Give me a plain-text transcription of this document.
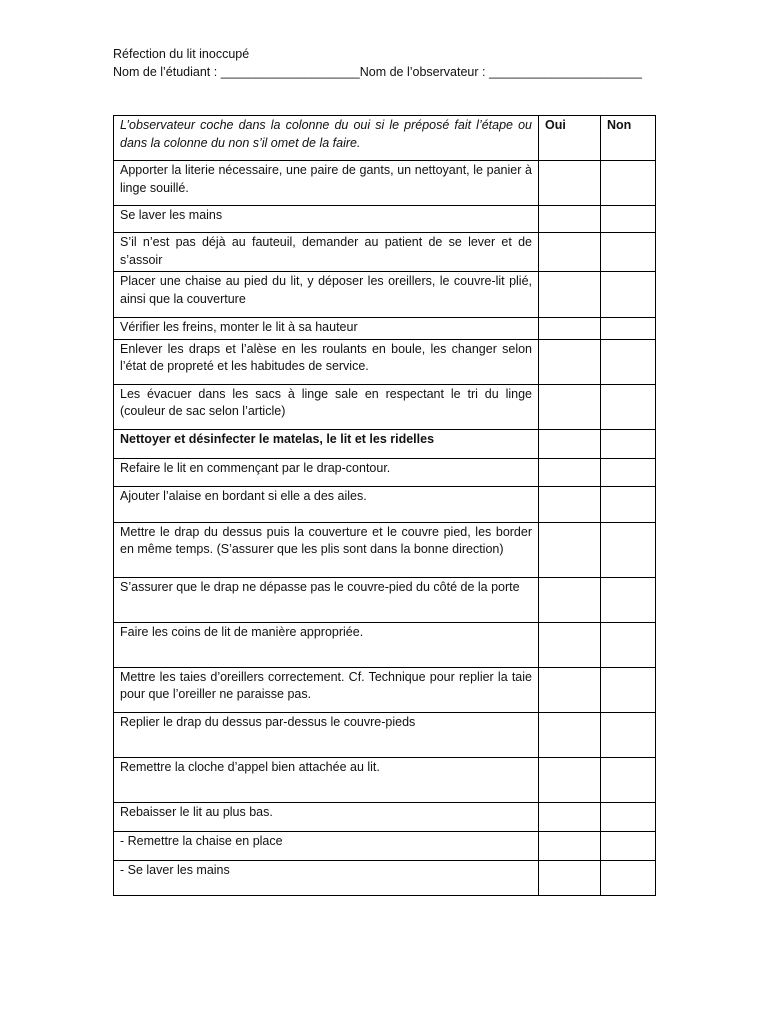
Réfection du lit inoccupé
Nom de l’étudiant : ____________________Nom de l’observateur : ______________________
L’observateur coche dans la colonne du oui si le préposé fait l’étape ou dans la colonne du non s’il omet de la faire.	Oui	Non
Apporter la literie nécessaire, une paire de gants, un nettoyant, le panier à linge souillé.		
Se laver les mains		
S’il n’est pas déjà au fauteuil, demander au patient de se lever et de s’assoir		
Placer une chaise au pied du lit, y déposer les oreillers, le couvre-lit plié, ainsi que la couverture		
Vérifier les freins, monter le lit à sa hauteur		
Enlever les draps et l’alèse en les roulants en boule, les changer selon l’état de propreté et les habitudes de service.		
Les évacuer dans les sacs à linge sale en respectant le tri du linge (couleur de sac selon l’article)		
Nettoyer et désinfecter le matelas, le lit et les ridelles		
Refaire le lit en commençant par le drap-contour.		
Ajouter l’alaise en bordant si elle a des ailes.		
Mettre le drap du dessus puis la couverture et le couvre pied, les border en même temps. (S’assurer que les plis sont dans la bonne direction)		
S’assurer que le drap ne dépasse pas le couvre-pied du côté de la porte		
Faire les coins de lit de manière appropriée.		
Mettre les taies d’oreillers correctement. Cf. Technique pour replier la taie pour que l’oreiller ne paraisse pas.		
Replier le drap du dessus par-dessus le couvre-pieds		
Remettre la cloche d’appel bien attachée au lit.		
Rebaisser le lit au plus bas.		
- Remettre la chaise en place		
- Se laver les mains		
